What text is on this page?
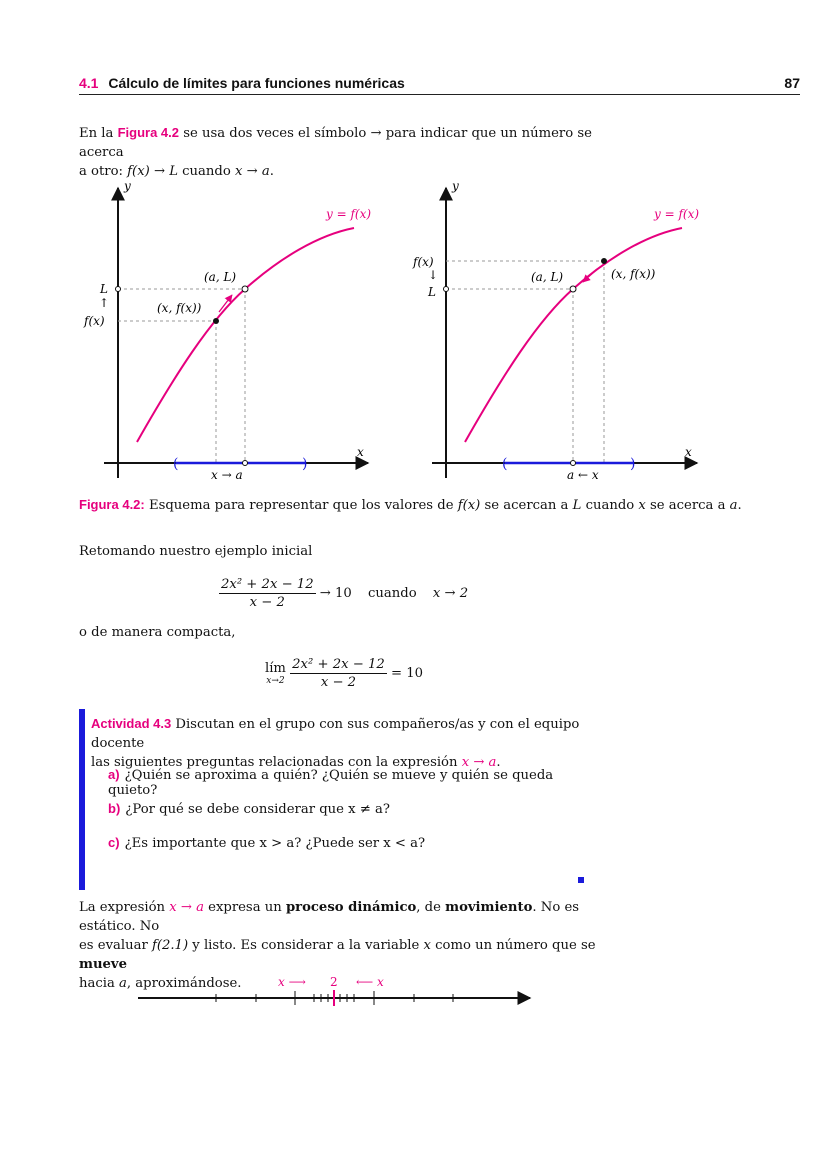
4.1 Cálculo de límites para funciones numéricas	87
En la Figura 4.2 se usa dos veces el símbolo → para indicar que un número se acerca
a otro: f(x) → L cuando x → a.
y
x
(	)
y = f(x)
(a, L)
(x, f(x))
L
↑
f(x)
x → a
y
x
(	)
y = f(x)
(a, L)	(x, f(x))
f(x)
↓
L
a ← x
Figura 4.2: Esquema para representar que los valores de f(x) se acercan a L cuando x se acerca a a.
Retomando nuestro ejemplo inicial
$\frac{\text{2x² + 2x − 12}}{x - 2} \to 10$ cuando x → 2
o de manera compacta,
lím
x→2
$\frac{\text{2x² + 2x − 12}}{x - 2} = 10$
Actividad 4.3 Discutan en el grupo con sus compañeros/as y con el equipo docente
las siguientes preguntas relacionadas con la expresión x → a.
a) ¿Quién se aproxima a quién? ¿Quién se mueve y quién se queda quieto?
b) ¿Por qué se debe considerar que x ≠ a?
c) ¿Es importante que x > a? ¿Puede ser x < a?
La expresión x → a expresa un proceso dinámico, de movimiento. No es estático. No
es evaluar f(2.1) y listo. Es considerar a la variable x como un número que se mueve
hacia a, aproximándose.	x ⟶ 2 ⟵ x
